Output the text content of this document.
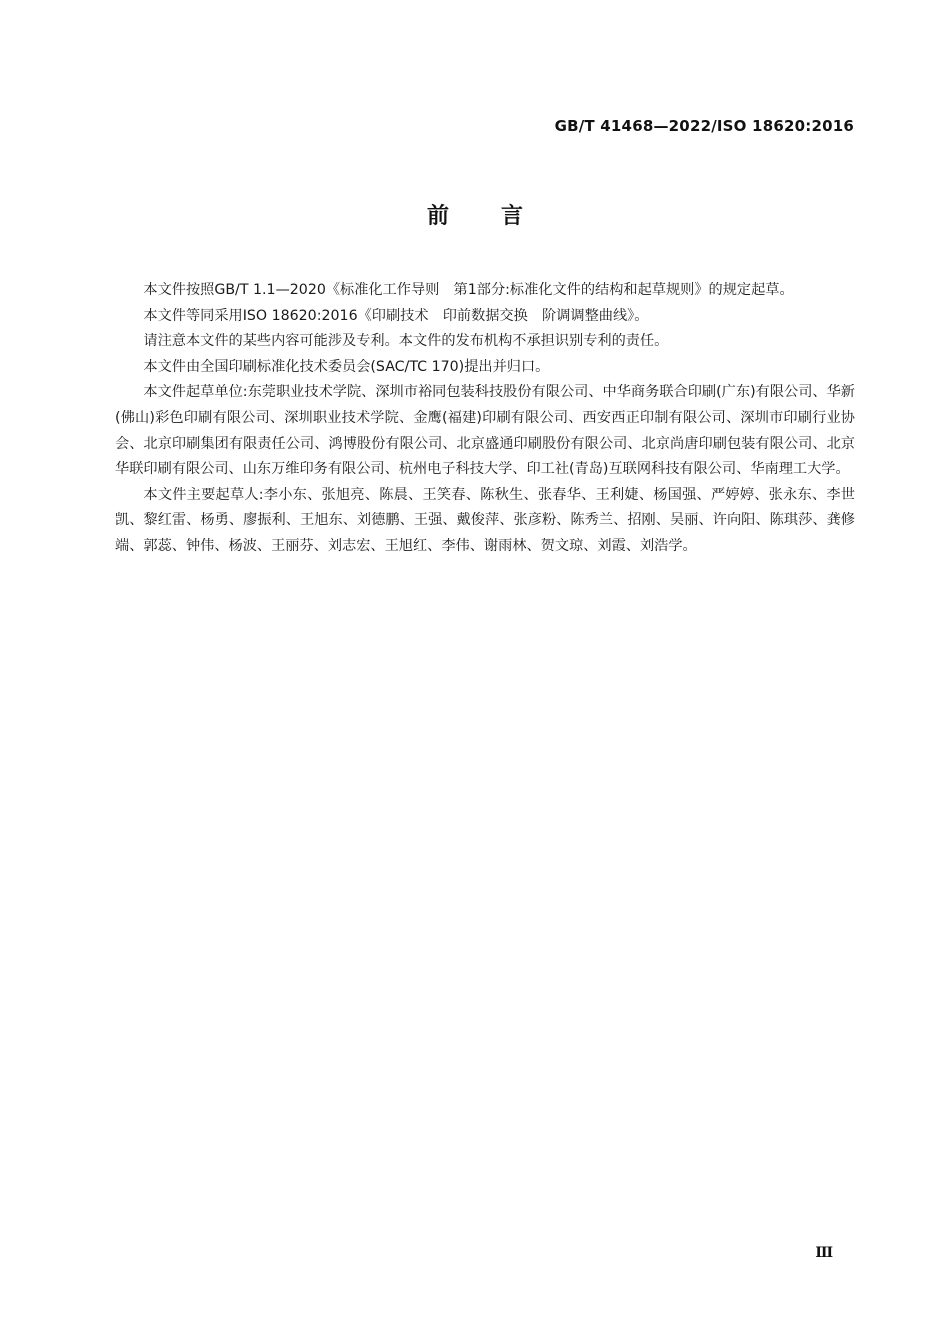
GB/T 41468—2022/ISO 18620:2016
前言

本文件按照GB/T 1.1—2020《标准化工作导则　第1部分:标准化文件的结构和起草规则》的规定起草。

本文件等同采用ISO 18620:2016《印刷技术　印前数据交换　阶调调整曲线》。

请注意本文件的某些内容可能涉及专利。本文件的发布机构不承担识别专利的责任。

本文件由全国印刷标准化技术委员会(SAC/TC 170)提出并归口。

本文件起草单位:东莞职业技术学院、深圳市裕同包装科技股份有限公司、中华商务联合印刷(广东)有限公司、华新(佛山)彩色印刷有限公司、深圳职业技术学院、金鹰(福建)印刷有限公司、西安西正印制有限公司、深圳市印刷行业协会、北京印刷集团有限责任公司、鸿博股份有限公司、北京盛通印刷股份有限公司、北京尚唐印刷包装有限公司、北京华联印刷有限公司、山东万维印务有限公司、杭州电子科技大学、印工社(青岛)互联网科技有限公司、华南理工大学。

本文件主要起草人:李小东、张旭亮、陈晨、王笑春、陈秋生、张春华、王利婕、杨国强、严婷婷、张永东、李世凯、黎红雷、杨勇、廖振利、王旭东、刘德鹏、王强、戴俊萍、张彦粉、陈秀兰、招刚、吴丽、许向阳、陈琪莎、龚修端、郭蕊、钟伟、杨波、王丽芬、刘志宏、王旭红、李伟、谢雨林、贺文琼、刘霞、刘浩学。

III
